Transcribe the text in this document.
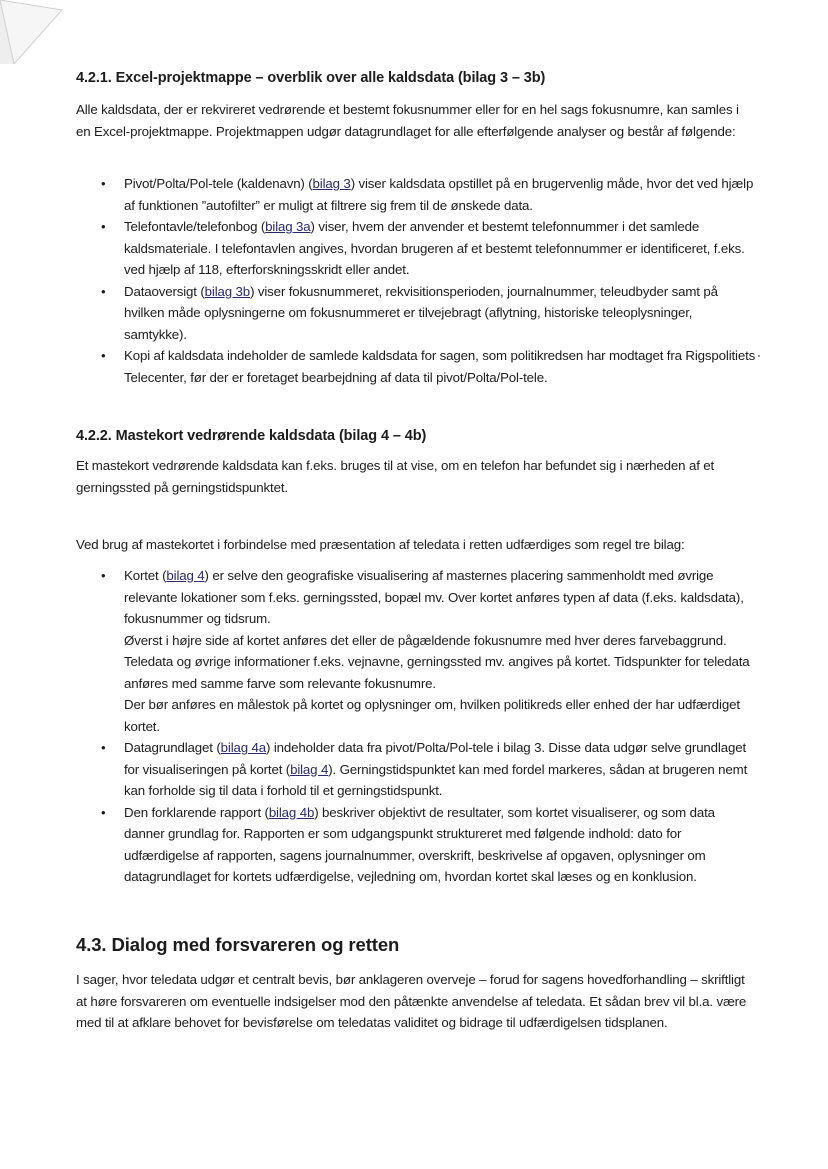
4.2.1. Excel-projektmappe – overblik over alle kaldsdata (bilag 3 – 3b)
Alle kaldsdata, der er rekvireret vedrørende et bestemt fokusnummer eller for en hel sags fokusnumre, kan samles i en Excel-projektmappe. Projektmappen udgør datagrundlaget for alle efterfølgende analyser og består af følgende:
• Pivot/Polta/Pol-tele (kaldenavn) (bilag 3) viser kaldsdata opstillet på en brugervenlig måde, hvor det ved hjælp af funktionen ”autofilter” er muligt at filtrere sig frem til de ønskede data.
• Telefontavle/telefonbog (bilag 3a) viser, hvem der anvender et bestemt telefonnummer i det samlede kaldsmateriale. I telefontavlen angives, hvordan brugeren af et bestemt telefonnummer er identificeret, f.eks. ved hjælp af 118, efterforskningsskridt eller andet.
• Dataoversigt (bilag 3b) viser fokusnummeret, rekvisitionsperioden, journalnummer, teleudbyder samt på hvilken måde oplysningerne om fokusnummeret er tilvejebragt (aflytning, historiske teleoplysninger, samtykke).
• Kopi af kaldsdata indeholder de samlede kaldsdata for sagen, som politikredsen har modtaget fra Rigspolitiets Telecenter, før der er foretaget bearbejdning af data til pivot/Polta/Pol-tele.
4.2.2. Mastekort vedrørende kaldsdata (bilag 4 – 4b)
Et mastekort vedrørende kaldsdata kan f.eks. bruges til at vise, om en telefon har befundet sig i nærheden af et gerningssted på gerningstidspunktet.
Ved brug af mastekortet i forbindelse med præsentation af teledata i retten udfærdiges som regel tre bilag:
• Kortet (bilag 4) er selve den geografiske visualisering af masternes placering sammenholdt med øvrige relevante lokationer som f.eks. gerningssted, bopæl mv. Over kortet anføres typen af data (f.eks. kaldsdata), fokusnummer og tidsrum.
Øverst i højre side af kortet anføres det eller de pågældende fokusnumre med hver deres farvebaggrund. Teledata og øvrige informationer f.eks. vejnavne, gerningssted mv. angives på kortet. Tidspunkter for teledata anføres med samme farve som relevante fokusnumre.
Der bør anføres en målestok på kortet og oplysninger om, hvilken politikreds eller enhed der har udfærdiget kortet.
• Datagrundlaget (bilag 4a) indeholder data fra pivot/Polta/Pol-tele i bilag 3. Disse data udgør selve grundlaget for visualiseringen på kortet (bilag 4). Gerningstidspunktet kan med fordel markeres, sådan at brugeren nemt kan forholde sig til data i forhold til et gerningstidspunkt.
• Den forklarende rapport (bilag 4b) beskriver objektivt de resultater, som kortet visualiserer, og som data danner grundlag for. Rapporten er som udgangspunkt struktureret med følgende indhold: dato for udfærdigelse af rapporten, sagens journalnummer, overskrift, beskrivelse af opgaven, oplysninger om datagrundlaget for kortets udfærdigelse, vejledning om, hvordan kortet skal læses og en konklusion.
4.3. Dialog med forsvareren og retten
I sager, hvor teledata udgør et centralt bevis, bør anklageren overveje – forud for sagens hovedforhandling – skriftligt at høre forsvareren om eventuelle indsigelser mod den påtænkte anvendelse af teledata. Et sådan brev vil bl.a. være med til at afklare behovet for bevisførelse om teledatas validitet og bidrage til udfærdigelsen tidsplanen.
